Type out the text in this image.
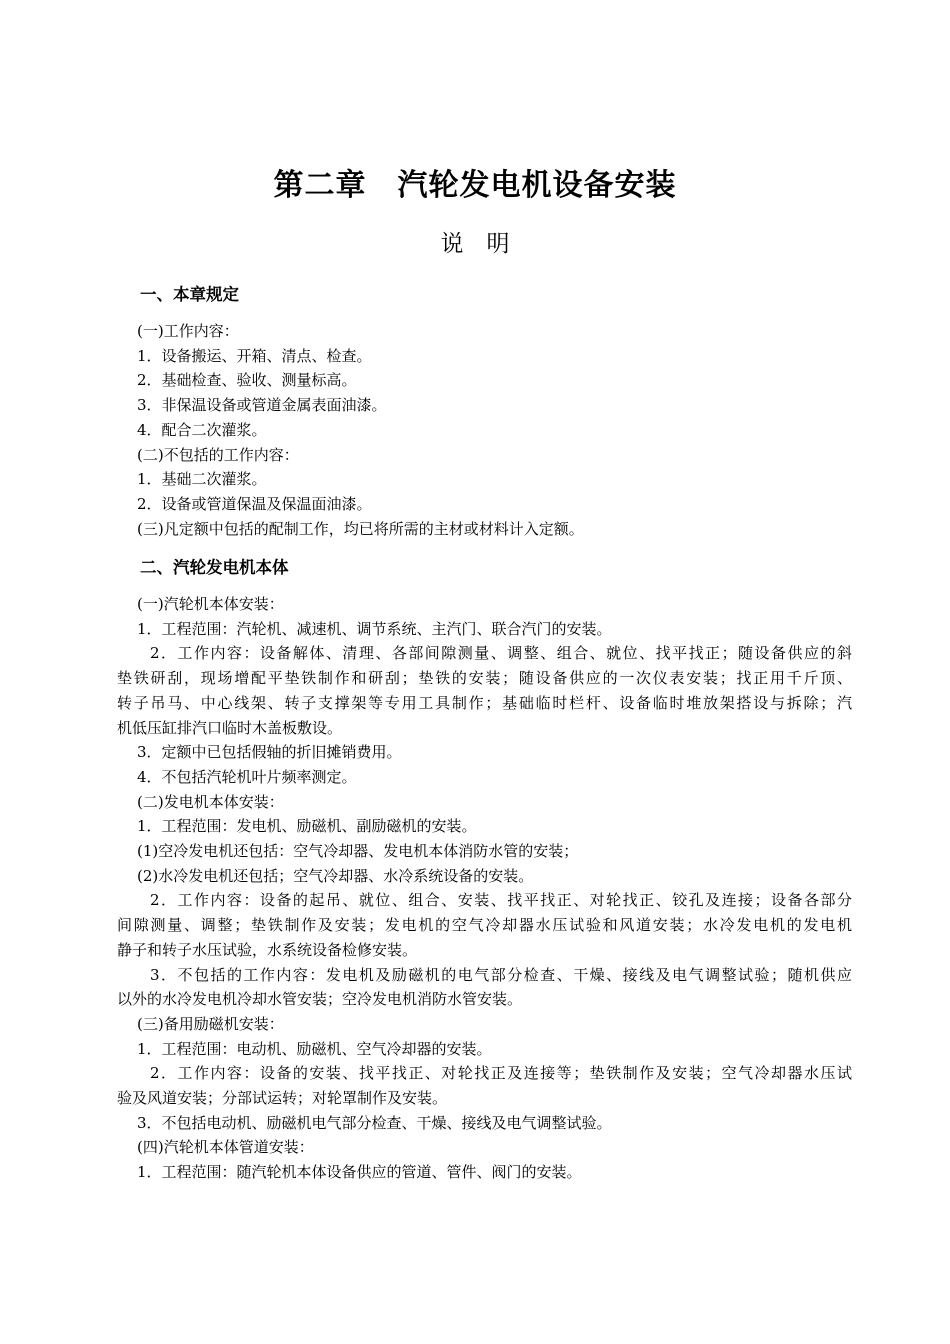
第二章　汽轮发电机设备安装
说　明
一、本章规定
(一)工作内容：
1．设备搬运、开箱、清点、检查。
2．基础检查、验收、测量标高。
3．非保温设备或管道金属表面油漆。
4．配合二次灌浆。
(二)不包括的工作内容：
1．基础二次灌浆。
2．设备或管道保温及保温面油漆。
(三)凡定额中包括的配制工作，均已将所需的主材或材料计入定额。
二、汽轮发电机本体
(一)汽轮机本体安装：
1．工程范围：汽轮机、减速机、调节系统、主汽门、联合汽门的安装。
　　2．工作内容：设备解体、清理、各部间隙测量、调整、组合、就位、找平找正；随设备供应的斜
垫铁研刮，现场增配平垫铁制作和研刮；垫铁的安装；随设备供应的一次仪表安装；找正用千斤顶、
转子吊马、中心线架、转子支撑架等专用工具制作；基础临时栏杆、设备临时堆放架搭设与拆除；汽
机低压缸排汽口临时木盖板敷设。
3．定额中已包括假轴的折旧摊销费用。
4．不包括汽轮机叶片频率测定。
(二)发电机本体安装：
1．工程范围：发电机、励磁机、副励磁机的安装。
(1)空冷发电机还包括：空气冷却器、发电机本体消防水管的安装；
(2)水冷发电机还包括；空气冷却器、水冷系统设备的安装。
　　2．工作内容：设备的起吊、就位、组合、安装、找平找正、对轮找正、铰孔及连接；设备各部分
间隙测量、调整；垫铁制作及安装；发电机的空气冷却器水压试验和风道安装；水冷发电机的发电机
静子和转子水压试验，水系统设备检修安装。
　　3．不包括的工作内容：发电机及励磁机的电气部分检查、干燥、接线及电气调整试验；随机供应
以外的水冷发电机冷却水管安装；空冷发电机消防水管安装。
(三)备用励磁机安装：
1．工程范围：电动机、励磁机、空气冷却器的安装。
　　2．工作内容：设备的安装、找平找正、对轮找正及连接等；垫铁制作及安装；空气冷却器水压试
验及风道安装；分部试运转；对轮罩制作及安装。
3．不包括电动机、励磁机电气部分检查、干燥、接线及电气调整试验。
(四)汽轮机本体管道安装：
1．工程范围：随汽轮机本体设备供应的管道、管件、阀门的安装。
